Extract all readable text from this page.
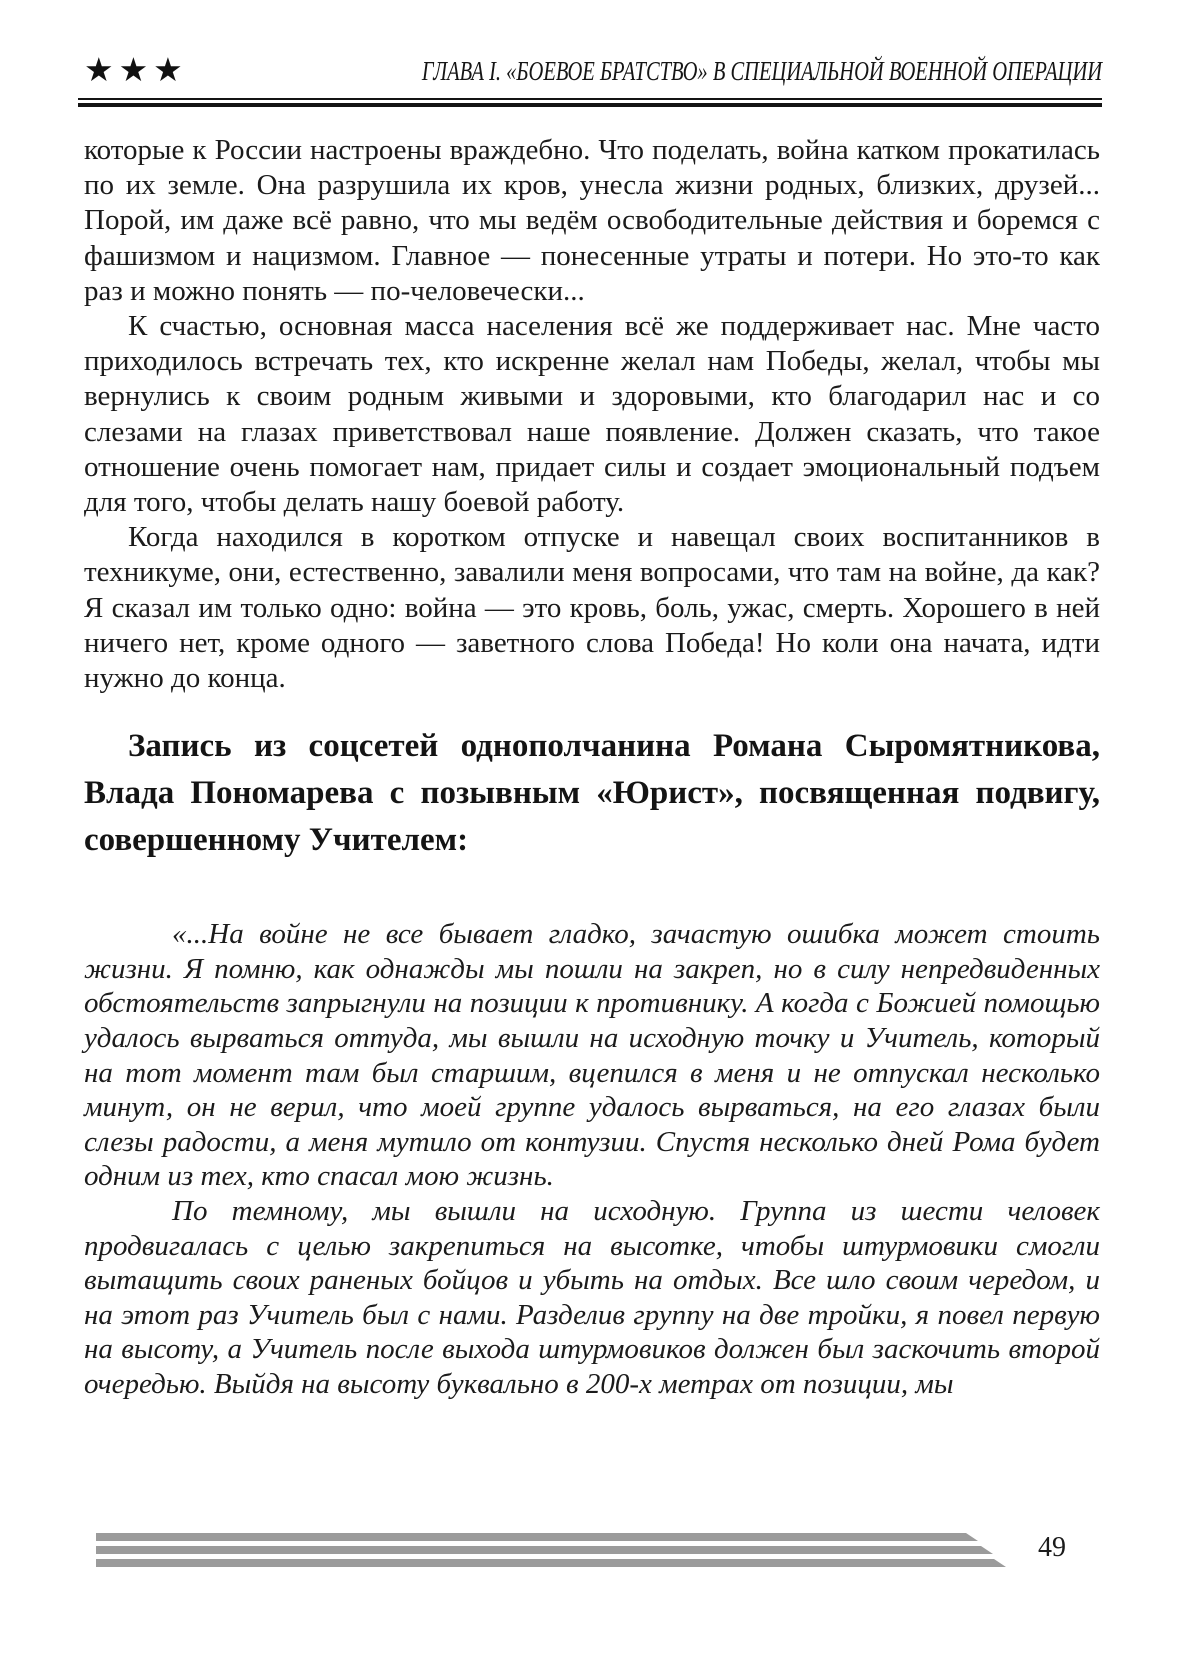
★★★	ГЛАВА I. «БОЕВОЕ БРАТСТВО» В СПЕЦИАЛЬНОЙ ВОЕННОЙ ОПЕРАЦИИ

которые к России настроены враждебно. Что поделать, война катком прокатилась по их земле. Она разрушила их кров, унесла жизни родных, близких, друзей... Порой, им даже всё равно, что мы ведём освободительные действия и боремся с фашизмом и нацизмом. Главное — понесенные утраты и потери. Но это-то как раз и можно понять — по-человечески...

К счастью, основная масса населения всё же поддерживает нас. Мне часто приходилось встречать тех, кто искренне желал нам Победы, желал, чтобы мы вернулись к своим родным живыми и здоровыми, кто благодарил нас и со слезами на глазах приветствовал наше появление. Должен сказать, что такое отношение очень помогает нам, придает силы и создает эмоциональный подъем для того, чтобы делать нашу боевой работу.

Когда находился в коротком отпуске и навещал своих воспитанников в техникуме, они, естественно, завалили меня вопросами, что там на войне, да как? Я сказал им только одно: война — это кровь, боль, ужас, смерть. Хорошего в ней ничего нет, кроме одного — заветного слова Победа! Но коли она начата, идти нужно до конца.

Запись из соцсетей однополчанина Романа Сыромятникова, Влада Пономарева с позывным «Юрист», посвященная подвигу, совершенному Учителем:

«...На войне не все бывает гладко, зачастую ошибка может стоить жизни. Я помню, как однажды мы пошли на закреп, но в силу непредвиденных обстоятельств запрыгнули на позиции к противнику. А когда с Божией помощью удалось вырваться оттуда, мы вышли на исходную точку и Учитель, который на тот момент там был старшим, вцепился в меня и не отпускал несколько минут, он не верил, что моей группе удалось вырваться, на его глазах были слезы радости, а меня мутило от контузии. Спустя несколько дней Рома будет одним из тех, кто спасал мою жизнь.

По темному, мы вышли на исходную. Группа из шести человек продвигалась с целью закрепиться на высотке, чтобы штурмовики смогли вытащить своих раненых бойцов и убыть на отдых. Все шло своим чередом, и на этот раз Учитель был с нами. Разделив группу на две тройки, я повел первую на высоту, а Учитель после выхода штурмовиков должен был заскочить второй очередью. Выйдя на высоту буквально в 200-х метрах от позиции, мы

49
